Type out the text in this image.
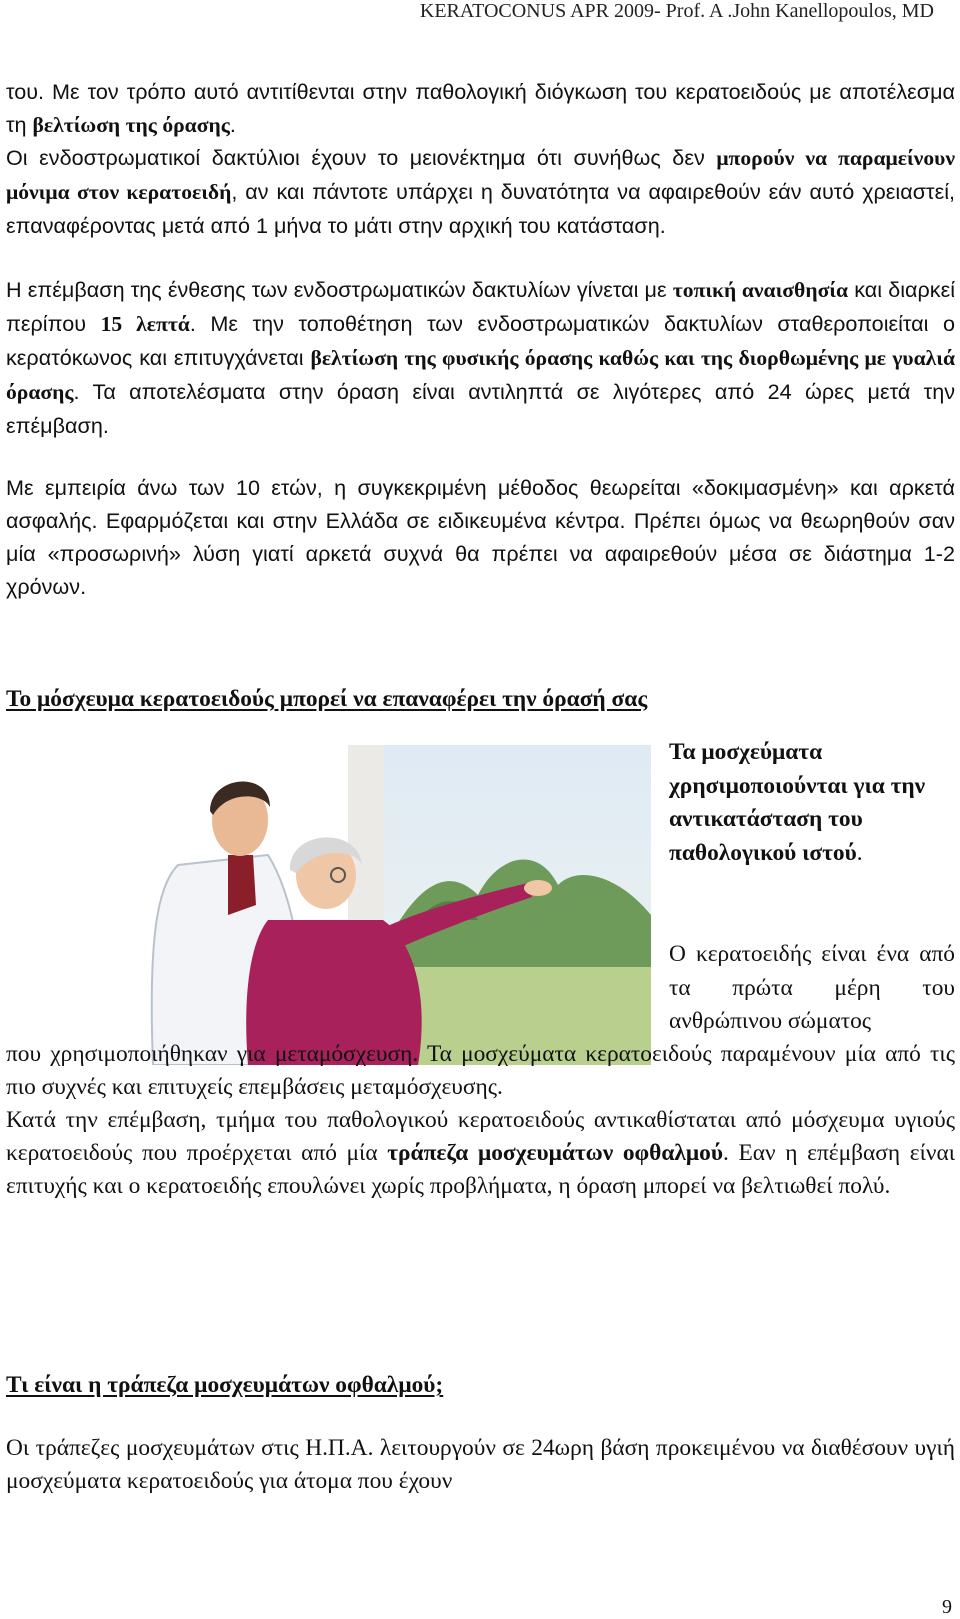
KERATOCONUS APR 2009- Prof. A .John Kanellopoulos, MD

του. Με τον τρόπο αυτό αντιτίθενται στην παθολογική διόγκωση του κερατοειδούς με αποτέλεσμα τη βελτίωση της όρασης.

Οι ενδοστρωματικοί δακτύλιοι έχουν το μειονέκτημα ότι συνήθως δεν μπορούν να παραμείνουν μόνιμα στον κερατοειδή, αν και πάντοτε υπάρχει η δυνατότητα να αφαιρεθούν εάν αυτό χρειαστεί, επαναφέροντας μετά από 1 μήνα το μάτι στην αρχική του κατάσταση.

Η επέμβαση της ένθεσης των ενδοστρωματικών δακτυλίων γίνεται με τοπική αναισθησία και διαρκεί περίπου 15 λεπτά. Με την τοποθέτηση των ενδοστρωματικών δακτυλίων σταθεροποιείται ο κερατόκωνος και επιτυγχάνεται βελτίωση της φυσικής όρασης καθώς και της διορθωμένης με γυαλιά όρασης. Τα αποτελέσματα στην όραση είναι αντιληπτά σε λιγότερες από 24 ώρες μετά την επέμβαση.

Με εμπειρία άνω των 10 ετών, η συγκεκριμένη μέθοδος θεωρείται «δοκιμασμένη» και αρκετά ασφαλής. Εφαρμόζεται και στην Ελλάδα σε ειδικευμένα κέντρα. Πρέπει όμως να θεωρηθούν σαν μία «προσωρινή» λύση γιατί αρκετά συχνά θα πρέπει να αφαιρεθούν μέσα σε διάστημα 1-2 χρόνων.

Το μόσχευμα κερατοειδούς μπορεί να επαναφέρει την όρασή σας

Τα μοσχεύματα χρησιμοποιούνται για την αντικατάσταση του παθολογικού ιστού.

Ο κερατοειδής είναι ένα από τα πρώτα μέρη του ανθρώπινου σώματος

που χρησιμοποιήθηκαν για μεταμόσχευση. Τα μοσχεύματα κερατοειδούς παραμένουν μία από τις πιο συχνές και επιτυχείς επεμβάσεις μεταμόσχευσης.

Κατά την επέμβαση, τμήμα του παθολογικού κερατοειδούς αντικαθίσταται από μόσχευμα υγιούς κερατοειδούς που προέρχεται από μία τράπεζα μοσχευμάτων οφθαλμού. Εαν η επέμβαση είναι επιτυχής και ο κερατοειδής επουλώνει χωρίς προβλήματα, η όραση μπορεί να βελτιωθεί πολύ.

Τι είναι η τράπεζα μοσχευμάτων οφθαλμού;

Οι τράπεζες μοσχευμάτων στις Η.Π.Α. λειτουργούν σε 24ωρη βάση προκειμένου να διαθέσουν υγιή μοσχεύματα κερατοειδούς για άτομα που έχουν

9
